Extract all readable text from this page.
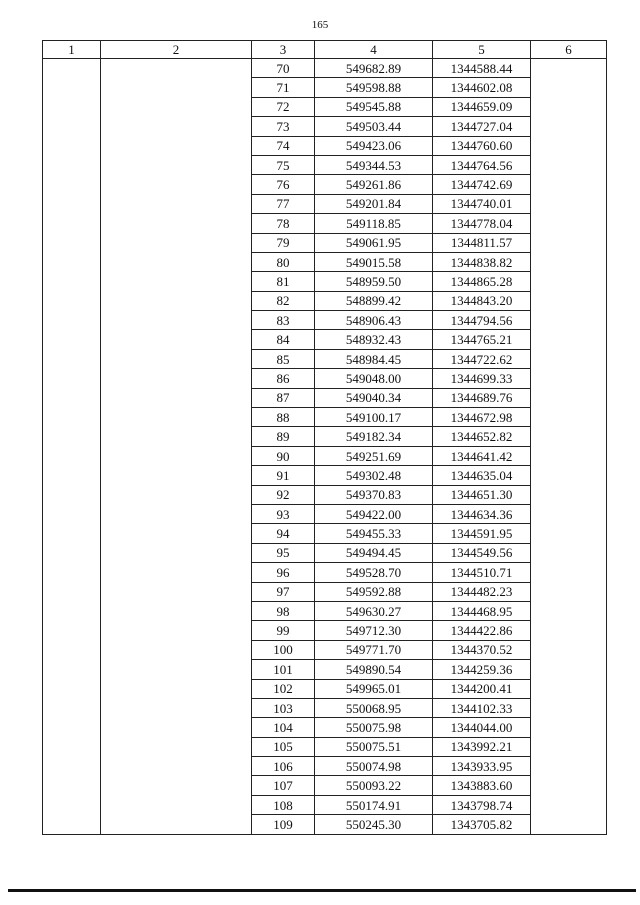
165
1	2	3	4	5	6
		70	549682.89	1344588.44	
		71	549598.88	1344602.08	
		72	549545.88	1344659.09	
		73	549503.44	1344727.04	
		74	549423.06	1344760.60	
		75	549344.53	1344764.56	
		76	549261.86	1344742.69	
		77	549201.84	1344740.01	
		78	549118.85	1344778.04	
		79	549061.95	1344811.57	
		80	549015.58	1344838.82	
		81	548959.50	1344865.28	
		82	548899.42	1344843.20	
		83	548906.43	1344794.56	
		84	548932.43	1344765.21	
		85	548984.45	1344722.62	
		86	549048.00	1344699.33	
		87	549040.34	1344689.76	
		88	549100.17	1344672.98	
		89	549182.34	1344652.82	
		90	549251.69	1344641.42	
		91	549302.48	1344635.04	
		92	549370.83	1344651.30	
		93	549422.00	1344634.36	
		94	549455.33	1344591.95	
		95	549494.45	1344549.56	
		96	549528.70	1344510.71	
		97	549592.88	1344482.23	
		98	549630.27	1344468.95	
		99	549712.30	1344422.86	
		100	549771.70	1344370.52	
		101	549890.54	1344259.36	
		102	549965.01	1344200.41	
		103	550068.95	1344102.33	
		104	550075.98	1344044.00	
		105	550075.51	1343992.21	
		106	550074.98	1343933.95	
		107	550093.22	1343883.60	
		108	550174.91	1343798.74	
		109	550245.30	1343705.82	
